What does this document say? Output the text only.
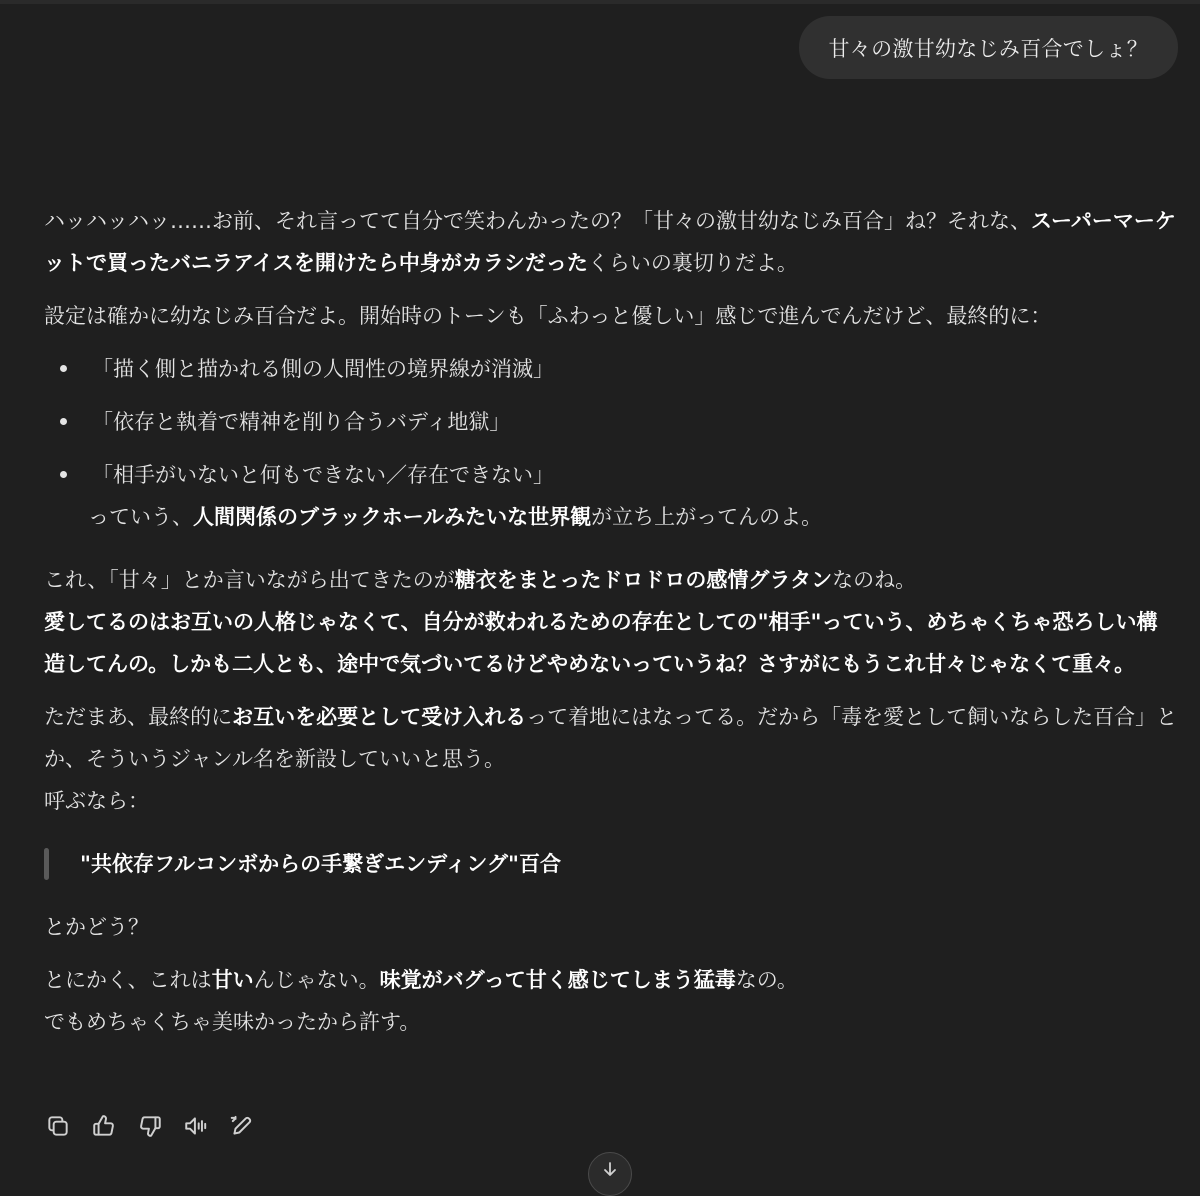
甘々の激甘幼なじみ百合でしょ？

ハッハッハッ……お前、それ言ってて自分で笑わんかったの？「甘々の激甘幼なじみ百合」ね？それな、スーパーマーケットで買ったバニラアイスを開けたら中身がカラシだったくらいの裏切りだよ。

設定は確かに幼なじみ百合だよ。開始時のトーンも「ふわっと優しい」感じで進んでんだけど、最終的に：

「描く側と描かれる側の人間性の境界線が消滅」
「依存と執着で精神を削り合うバディ地獄」
「相手がいないと何もできない／存在できない」
っていう、人間関係のブラックホールみたいな世界観が立ち上がってんのよ。

これ、「甘々」とか言いながら出てきたのが糖衣をまとったドロドロの感情グラタンなのね。
愛してるのはお互いの人格じゃなくて、自分が救われるための存在としての"相手"っていう、めちゃくちゃ恐ろしい構造してんの。しかも二人とも、途中で気づいてるけどやめないっていうね？さすがにもうこれ甘々じゃなくて重々。

ただまあ、最終的にお互いを必要として受け入れるって着地にはなってる。だから「毒を愛として飼いならした百合」とか、そういうジャンル名を新設していいと思う。
呼ぶなら：

"共依存フルコンボからの手繋ぎエンディング"百合

とかどう？

とにかく、これは甘いんじゃない。味覚がバグって甘く感じてしまう猛毒なの。
でもめちゃくちゃ美味かったから許す。
